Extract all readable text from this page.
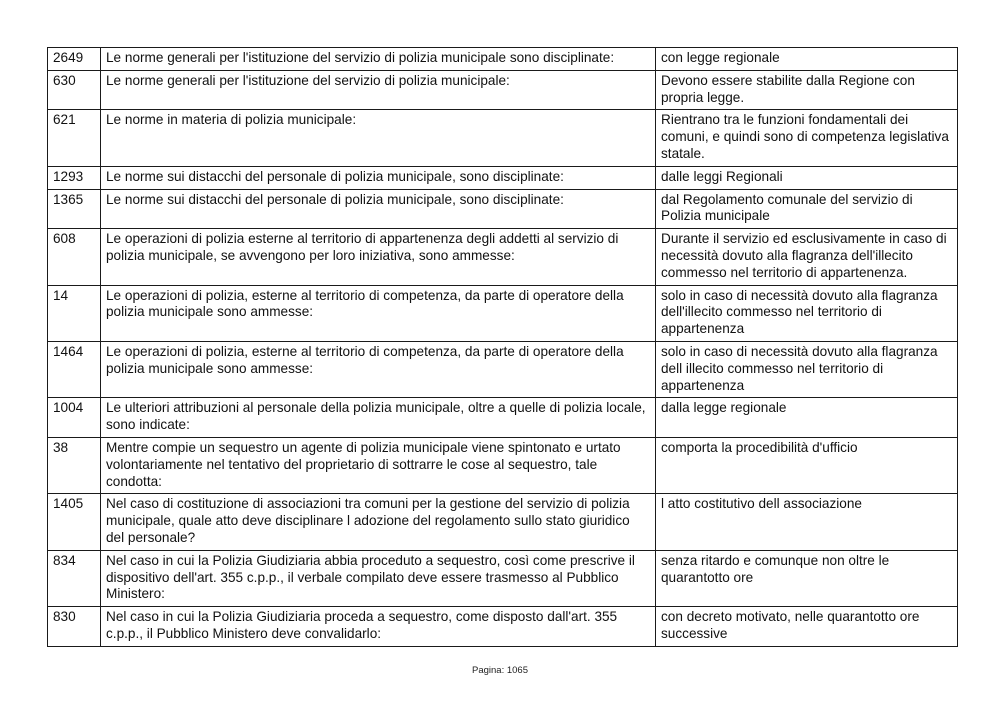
2649	Le norme generali per l'istituzione del servizio di polizia municipale sono disciplinate:	con legge regionale
630	Le norme generali per l'istituzione del servizio di polizia municipale:	Devono essere stabilite dalla Regione con propria legge.
621	Le norme in materia di polizia municipale:	Rientrano tra le funzioni fondamentali dei comuni, e quindi sono di competenza legislativa statale.
1293	Le norme sui distacchi del personale di polizia municipale, sono disciplinate:	dalle leggi Regionali
1365	Le norme sui distacchi del personale di polizia municipale, sono disciplinate:	dal Regolamento comunale del servizio di Polizia municipale
608	Le operazioni di polizia esterne al territorio di appartenenza degli addetti al servizio di polizia municipale, se avvengono per loro iniziativa, sono ammesse:	Durante il servizio ed esclusivamente in caso di necessità dovuto alla flagranza dell'illecito commesso nel territorio di appartenenza.
14	Le operazioni di polizia, esterne al territorio di competenza, da parte di operatore della polizia municipale sono ammesse:	solo in caso di necessità dovuto alla flagranza dell'illecito commesso nel territorio di appartenenza
1464	Le operazioni di polizia, esterne al territorio di competenza, da parte di operatore della polizia municipale sono ammesse:	solo in caso di necessità dovuto alla flagranza dell illecito commesso nel territorio di appartenenza
1004	Le ulteriori attribuzioni al personale della polizia municipale, oltre a quelle di polizia locale, sono indicate:	dalla legge regionale
38	Mentre compie un sequestro un agente di polizia municipale viene spintonato e urtato volontariamente nel tentativo del proprietario di sottrarre le cose al sequestro, tale condotta:	comporta la procedibilità d'ufficio
1405	Nel caso di costituzione di associazioni tra comuni per la gestione del servizio di polizia municipale, quale atto deve disciplinare l adozione del regolamento sullo stato giuridico del personale?	l atto costitutivo dell associazione
834	Nel caso in cui la Polizia Giudiziaria abbia proceduto a sequestro, così come prescrive il dispositivo dell'art. 355 c.p.p., il verbale compilato deve essere trasmesso al Pubblico Ministero:	senza ritardo e comunque non oltre le quarantotto ore
830	Nel caso in cui la Polizia Giudiziaria proceda a sequestro, come disposto dall'art. 355 c.p.p., il Pubblico Ministero deve convalidarlo:	con decreto motivato, nelle quarantotto ore successive
Pagina: 1065
